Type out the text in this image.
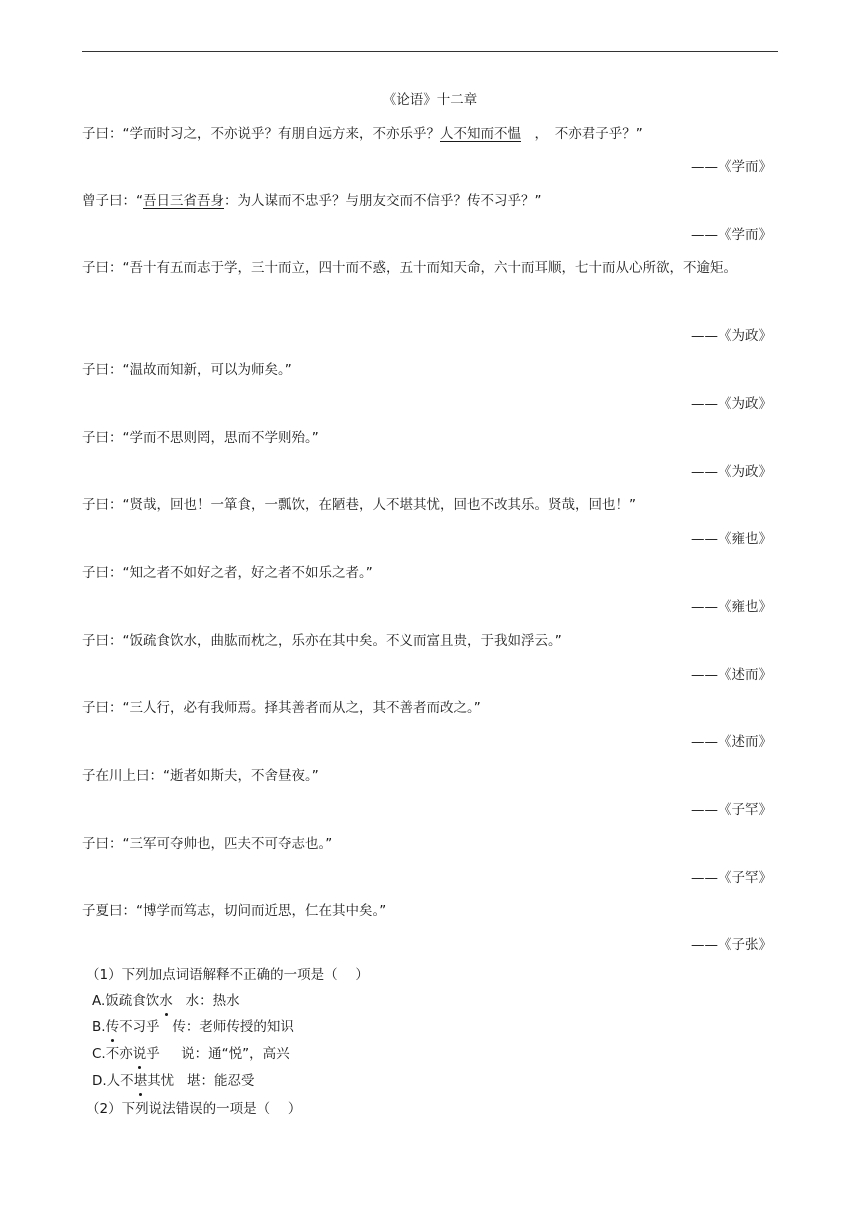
《论语》十二章
子曰：“学而时习之，不亦说乎？有朋自远方来，不亦乐乎？人不知而不愠　，　不亦君子乎？”
——《学而》
曾子曰：“吾日三省吾身：为人谋而不忠乎？与朋友交而不信乎？传不习乎？”
——《学而》
子曰：“吾十有五而志于学，三十而立，四十而不惑，五十而知天命，六十而耳顺，七十而从心所欲，不逾矩。
——《为政》
子曰：“温故而知新，可以为师矣。”
——《为政》
子曰：“学而不思则罔，思而不学则殆。”
——《为政》
子曰：“贤哉，回也！一箪食，一瓢饮，在陋巷，人不堪其忧，回也不改其乐。贤哉，回也！”
——《雍也》
子曰：“知之者不如好之者，好之者不如乐之者。”
——《雍也》
子曰：“饭疏食饮水，曲肱而枕之，乐亦在其中矣。不义而富且贵，于我如浮云。”
——《述而》
子曰：“三人行，必有我师焉。择其善者而从之，其不善者而改之。”
——《述而》
子在川上曰：“逝者如斯夫，不舍昼夜。”
——《子罕》
子曰：“三军可夺帅也，匹夫不可夺志也。”
——《子罕》
子夏曰：“博学而笃志，切问而近思，仁在其中矣。”
——《子张》
（1）下列加点词语解释不正确的一项是（　 ）
A.饭疏食饮水   水：热水
B.传不习乎   传：老师传授的知识
C.不亦说乎     说：通“悦”，高兴
D.人不堪其忧   堪：能忍受
（2）下列说法错误的一项是（　 ）
